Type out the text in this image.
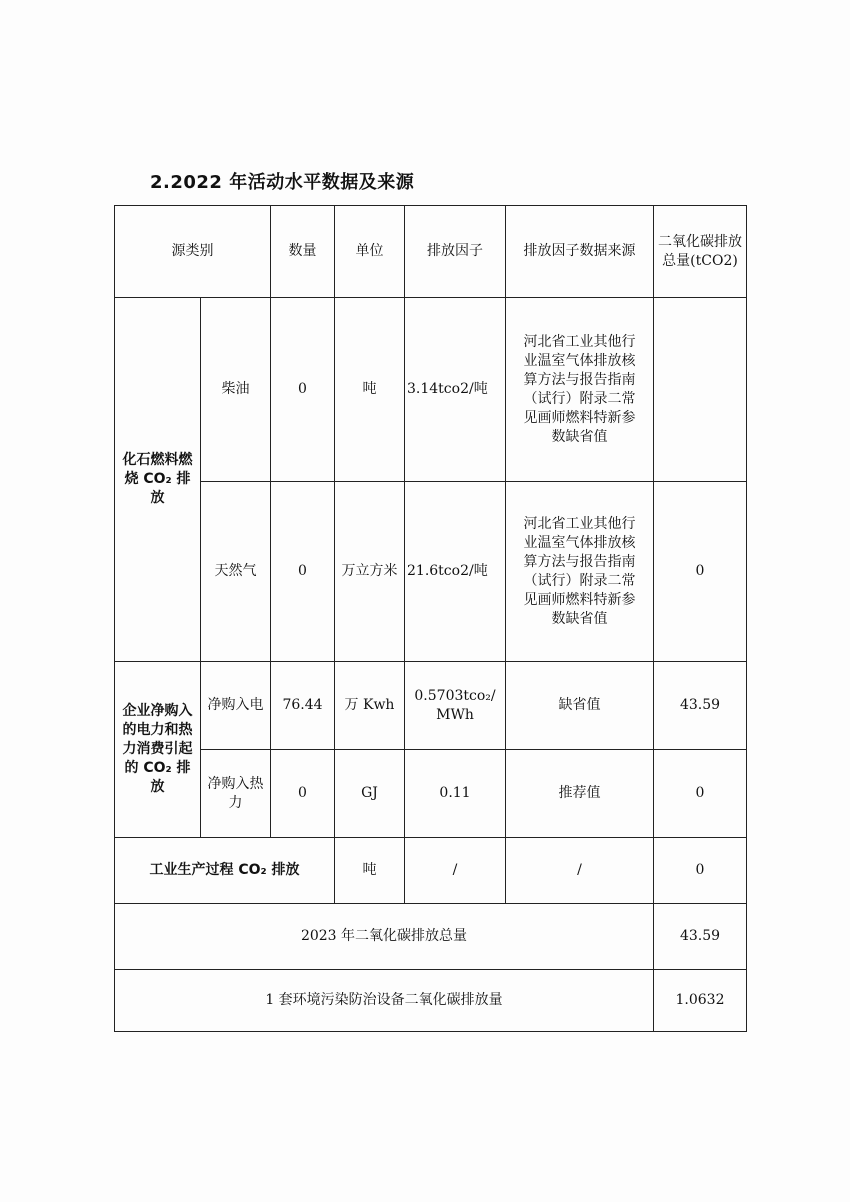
2.2022 年活动水平数据及来源
源类别		数量	单位	排放因子	排放因子数据来源	二氧化碳排放总量(tCO2)
化石燃料燃烧 CO₂ 排放	柴油	0	吨	3.14tco2/吨	河北省工业其他行业温室气体排放核算方法与报告指南（试行）附录二常见画师燃料特新参数缺省值	
	天然气	0	万立方米	21.6tco2/吨	河北省工业其他行业温室气体排放核算方法与报告指南（试行）附录二常见画师燃料特新参数缺省值	0
企业净购入的电力和热力消费引起的 CO₂ 排放	净购入电	76.44	万 Kwh	0.5703tco₂/MWh	缺省值	43.59
	净购入热力	0	GJ	0.11	推荐值	0
工业生产过程 CO₂ 排放			吨	/	/	0
2023 年二氧化碳排放总量						43.59
1 套环境污染防治设备二氧化碳排放量						1.0632
